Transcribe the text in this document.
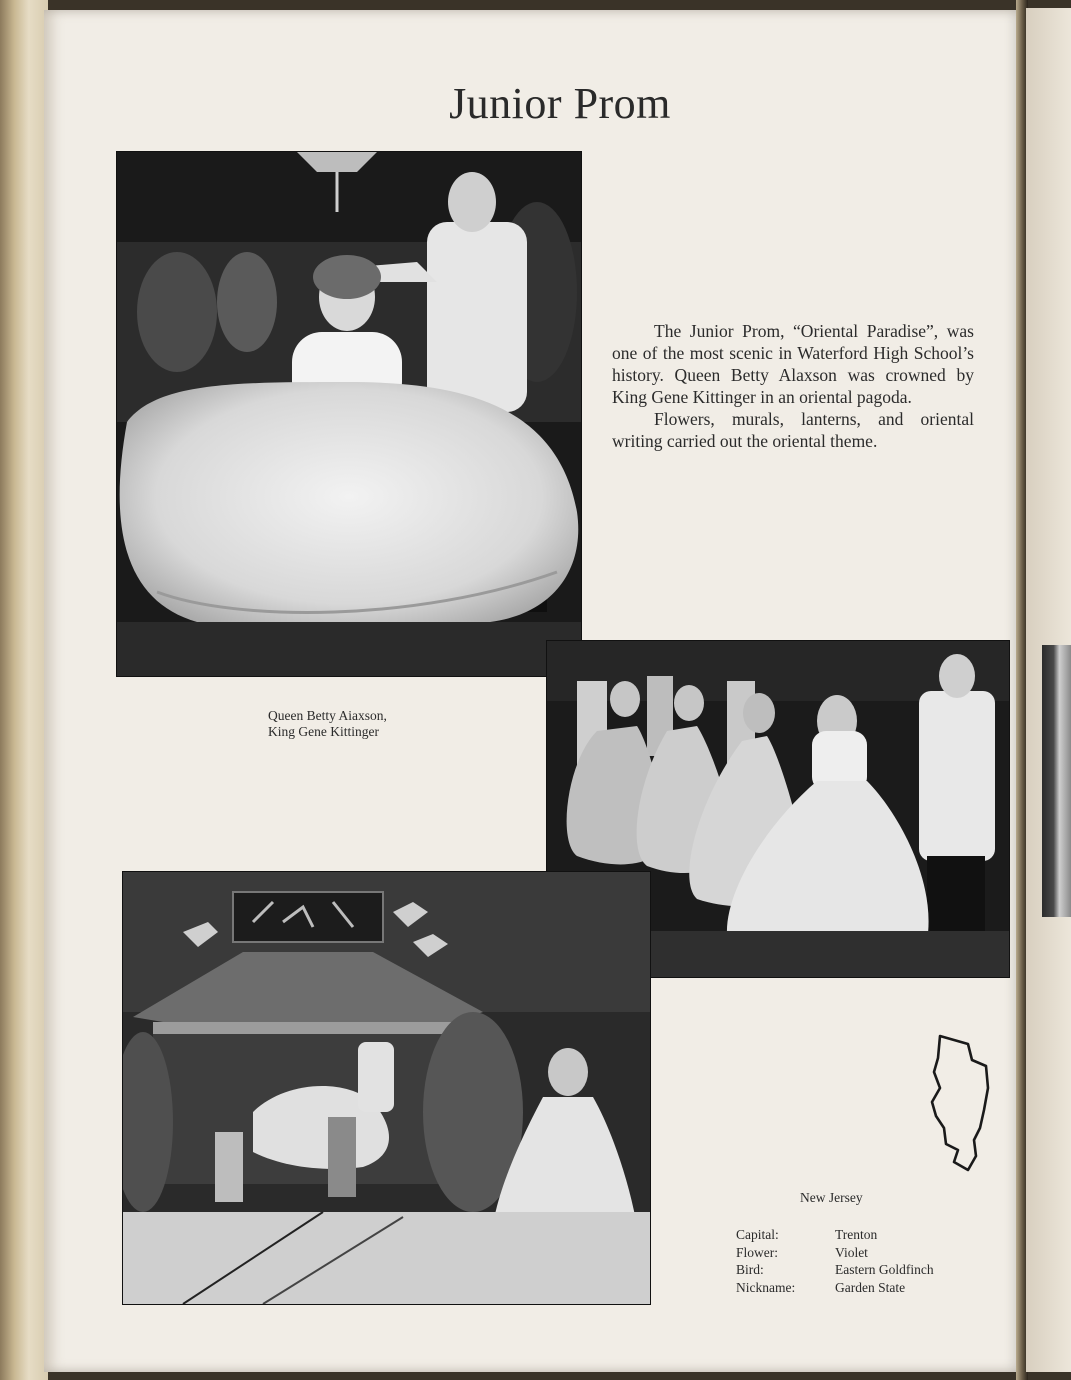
Junior Prom

The Junior Prom, “Oriental Paradise”, was one of the most scenic in Waterford High School’s history. Queen Betty Alaxson was crowned by King Gene Kittinger in an oriental pagoda.

Flowers, murals, lanterns, and oriental writing carried out the oriental theme.

Queen Betty Aiaxson,
King Gene Kittinger
New Jersey
Capital:	Trenton
Flower:	Violet
Bird:	Eastern Goldfinch
Nickname:	Garden State
